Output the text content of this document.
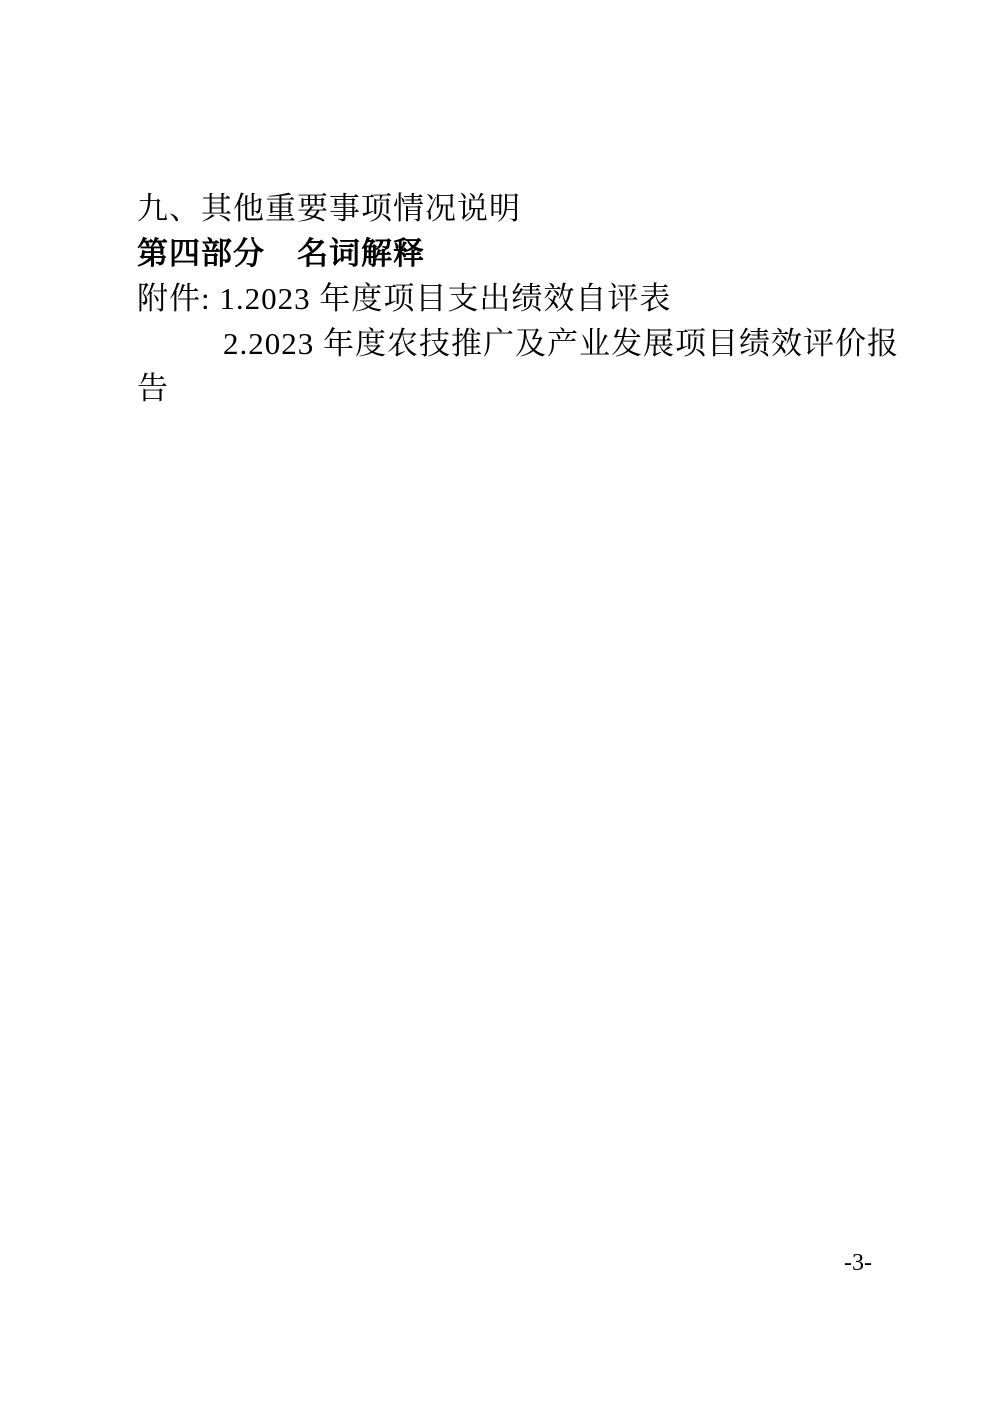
九、其他重要事项情况说明

第四部分　名词解释

附件: 1.2023 年度项目支出绩效自评表

2.2023 年度农技推广及产业发展项目绩效评价报

告

-3-
